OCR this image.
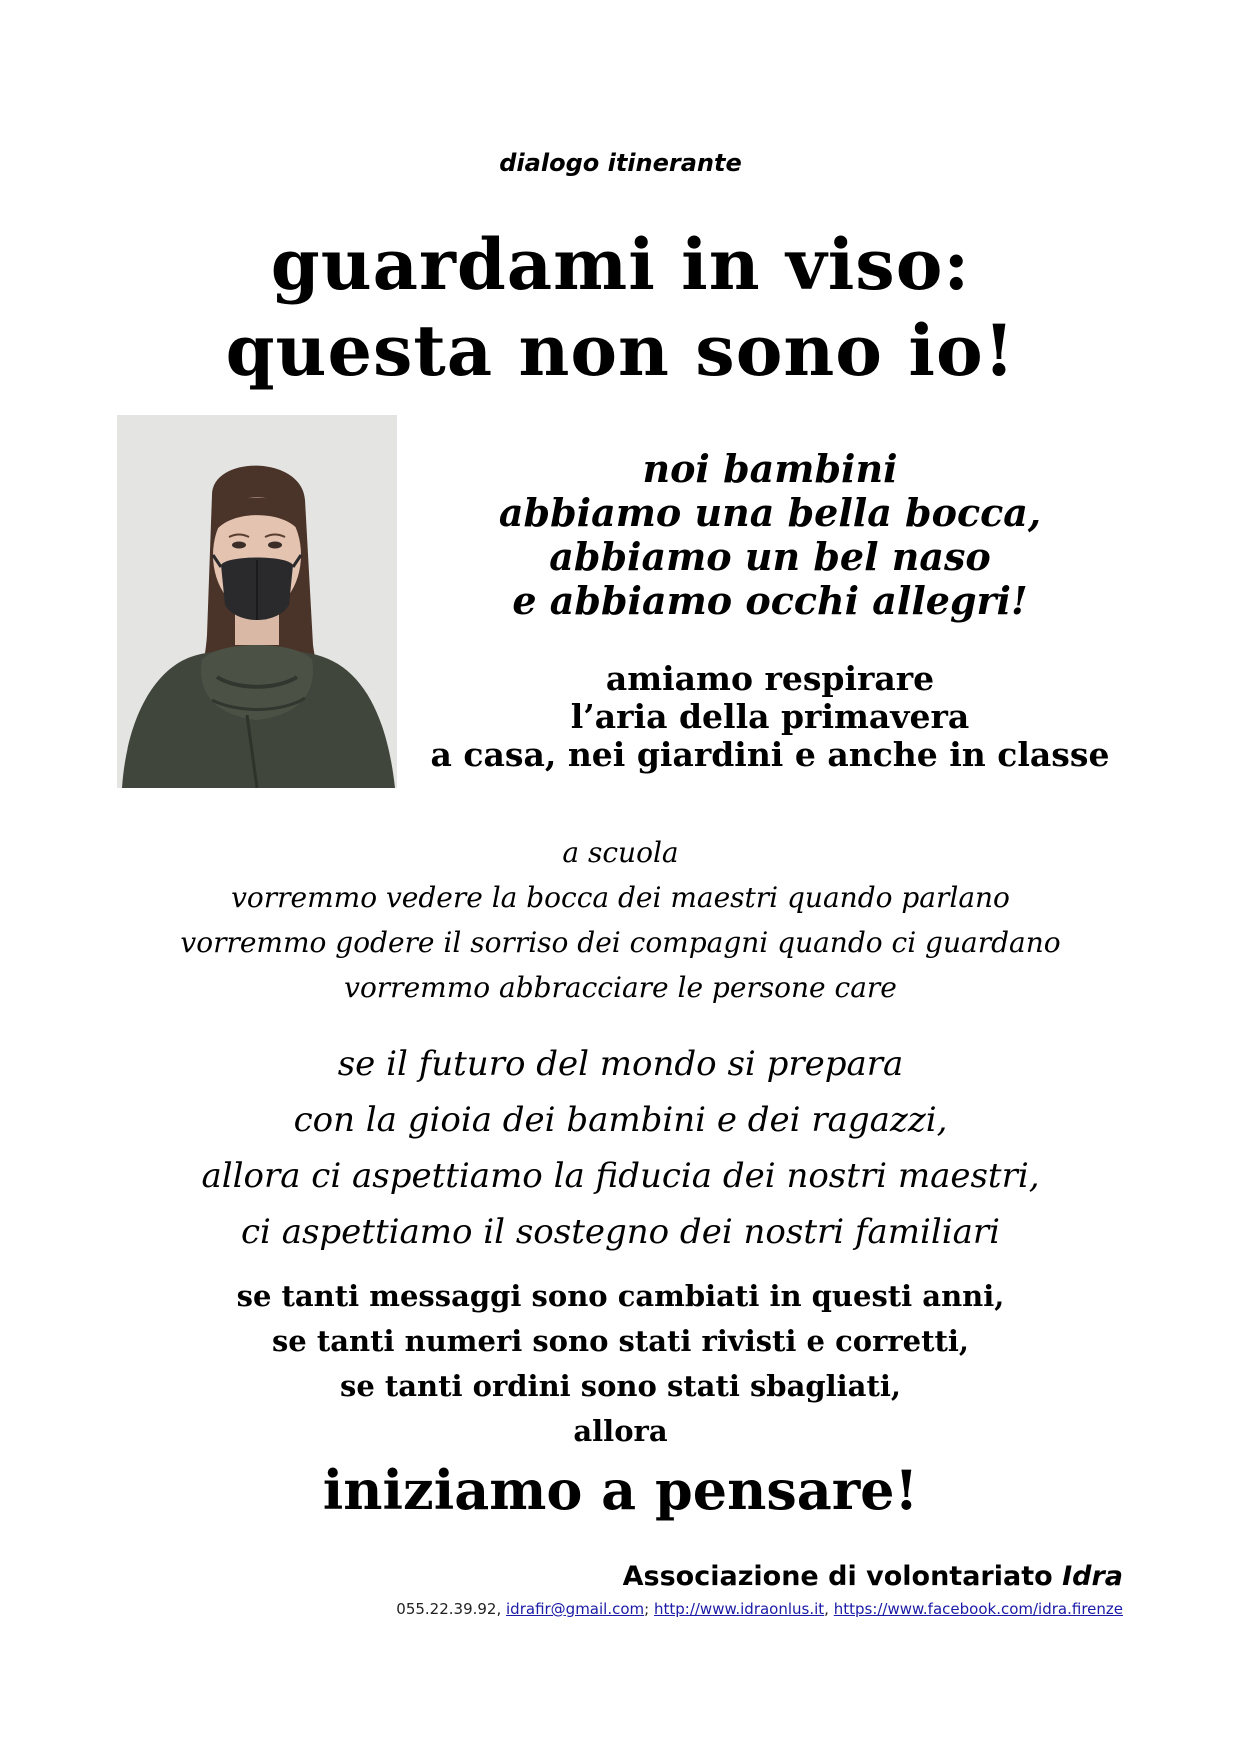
dialogo itinerante
guardami in viso:
questa non sono io!
noi bambini
abbiamo una bella bocca,
abbiamo un bel naso
e abbiamo occhi allegri!
amiamo respirare
l’aria della primavera
a casa, nei giardini e anche in classe
a scuola
vorremmo vedere la bocca dei maestri quando parlano
vorremmo godere il sorriso dei compagni quando ci guardano
vorremmo abbracciare le persone care
se il futuro del mondo si prepara
con la gioia dei bambini e dei ragazzi,
allora ci aspettiamo la fiducia dei nostri maestri,
ci aspettiamo il sostegno dei nostri familiari
se tanti messaggi sono cambiati in questi anni,
se tanti numeri sono stati rivisti e corretti,
se tanti ordini sono stati sbagliati,
allora
iniziamo a pensare!
Associazione di volontariato Idra
055.22.39.92, idrafir@gmail.com; http://www.idraonlus.it, https://www.facebook.com/idra.firenze
